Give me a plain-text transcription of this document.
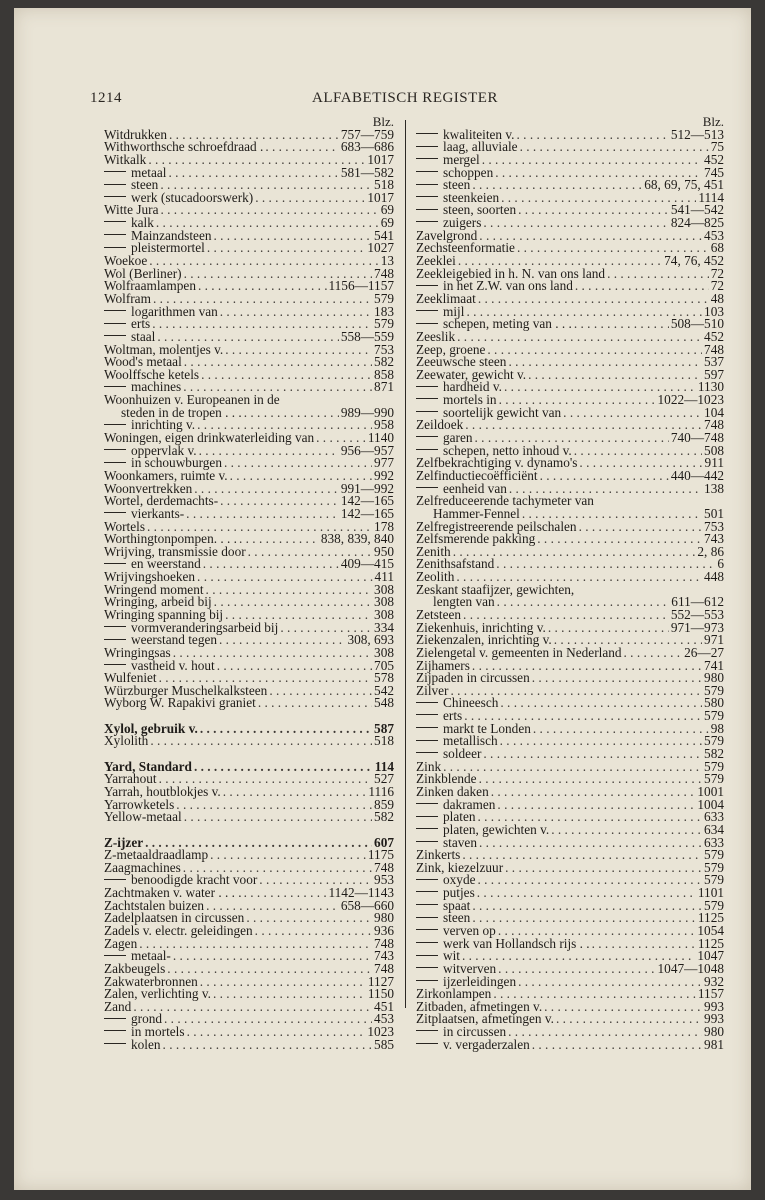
1214	ALFABETISCH REGISTER
Blz.
Witdrukken . . .	757—759
Withworthsche schroefdraad . . . .	683—686
Witkalk . . .	1017
metaal . . .	581—582
steen . . .	518
werk (stucadoorswerk) . . .	1017
Witte Jura . . .	69
kalk . . .	69
Mainzandsteen . . .	541
pleistermortel . . .	1027
Woekoe . . .	13
Wol (Berliner) . . .	748
Wolfraamlampen . . .	1156—1157
Wolfram . . .	579
logarithmen van . . .	183
erts . . .	579
staal . . .	558—559
Woltman, molentjes v. . . .	753
Wood's metaal . . .	582
Woolffsche ketels . . .	858
machines . . .	871
Woonhuizen v. Europeanen in de
steden in de tropen . . . . . .	989—990
inrichting v. . . .	958
Woningen, eigen drinkwaterleiding van . . .	1140
oppervlak v. . . .	956—957
in schouwburgen . . .	977
Woonkamers, ruimte v. . . .	992
Woonvertrekken . . .	991—992
Wortel, derdemachts- . . .	142—165
vierkants- . . .	142—165
Wortels . . .	178
Worthingtonpompen. . . . . . .	838, 839, 840
Wrijving, transmissie door . . .	950
en weerstand . . .	409—415
Wrijvingshoeken . . .	411
Wringend moment . . .	308
Wringing, arbeid bij . . .	308
Wringing spanning bij . . .	308
vormveranderingsarbeid bij . . .	334
weerstand tegen . . .	308, 693
Wringingsas . . .	308
vastheid v. hout . . .	705
Wulfeniet . . .	578
Würzburger Muschelkalksteen . . .	542
Wyborg W. Rapakivi graniet . . .	548
Xylol, gebruik v. . . .	587
Xylolith . . .	518
Yard, Standard . . .	114
Yarrahout . . .	527
Yarrah, houtblokjes v. . . .	1116
Yarrowketels . . .	859
Yellow-metaal . . .	582
Z-ijzer . . .	607
Z-metaaldraadlamp . . .	1175
Zaagmachines . . .	748
benoodigde kracht voor . . .	953
Zachtmaken v. water . . . . . . .	1142—1143
Zachtstalen buizen . . .	658—660
Zadelplaatsen in circussen . . .	980
Zadels v. electr. geleidingen . . .	936
Zagen . . .	748
metaal- . . .	743
Zakbeugels . . .	748
Zakwaterbronnen . . .	1127
Zalen, verlichting v. . . .	1150
Zand . . .	451
grond . . .	453
in mortels . . .	1023
kolen . . .	585
Blz.
kwaliteiten v. . . .	512—513
laag, alluviale . . .	75
mergel . . .	452
schoppen . . .	745
steen . . .	68, 69, 75, 451
steenkeien . . .	1114
steen, soorten . . .	541—542
zuigers . . .	824—825
Zavelgrond . . .	453
Zechsteenformatie . . .	68
Zeeklei . . .	74, 76, 452
Zeekleigebied in h. N. van ons land . . .	72
in het Z.W. van ons land . . .	72
Zeeklimaat . . .	48
mijl . . .	103
schepen, meting van . . . . . .	508—510
Zeeslik . . .	452
Zeep, groene . . .	748
Zeeuwsche steen . . .	537
Zeewater, gewicht v. . . .	597
hardheid v. . . .	1130
mortels in . . .	1022—1023
soortelijk gewicht van . . .	104
Zeildoek . . .	748
garen . . .	740—748
schepen, netto inhoud v. . . .	508
Zelfbekrachtiging v. dynamo's . . .	911
Zelfinductiecoëfficiënt . . .	440—442
eenheid van . . .	138
Zelfreduceerende tachymeter van
Hammer-Fennel . . .	501
Zelfregistreerende peilschalen . . .	753
Zelfsmerende pakking . . .	743
Zenith . . .	2, 86
Zenithsafstand . . .	6
Zeolith . . .	448
Zeskant staafijzer, gewichten,
lengten van . . .	611—612
Zetsteen . . .	552—553
Ziekenhuis, inrichting v. . . .	971—973
Ziekenzalen, inrichting v. . . .	971
Zielengetal v. gemeenten in Nederland . . .	26—27
Zijhamers . . .	741
Zijpaden in circussen . . .	980
Zilver . . .	579
Chineesch . . .	580
erts . . .	579
markt te Londen . . .	98
metallisch . . .	579
soldeer . . .	582
Zink . . .	579
Zinkblende . . .	579
Zinken daken . . .	1001
dakramen . . .	1004
platen . . .	633
platen, gewichten v. . . .	634
staven . . .	633
Zinkerts . . .	579
Zink, kiezelzuur . . .	579
oxyde . . .	579
putjes . . .	1101
spaat . . .	579
steen . . .	1125
verven op . . .	1054
werk van Hollandsch rijs . . . . .	1125
wit . . .	1047
witverven . . .	1047—1048
ijzerleidingen . . .	932
Zirkonlampen . . .	1157
Zitbaden, afmetingen v. . . .	993
Zitplaatsen, afmetingen v. . . .	993
in circussen . . .	980
v. vergaderzalen . . .	981
